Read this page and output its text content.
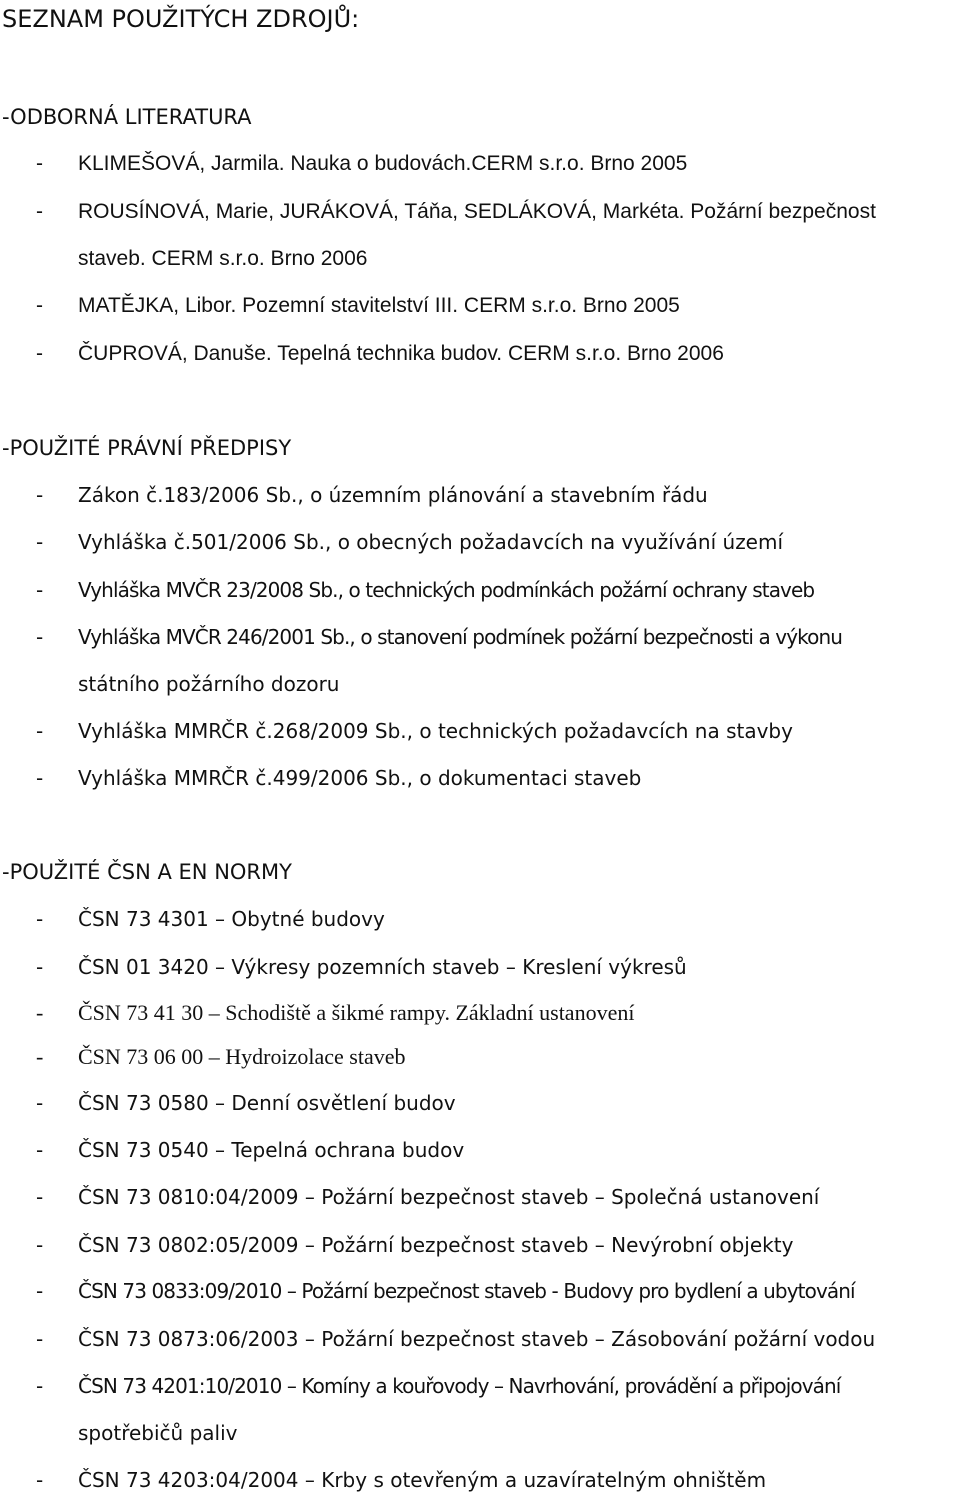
SEZNAM POUŽITÝCH ZDROJŮ:
-ODBORNÁ LITERATURA
- KLIMEŠOVÁ, Jarmila. Nauka o budovách.CERM s.r.o. Brno 2005
- ROUSÍNOVÁ, Marie, JURÁKOVÁ, Táňa, SEDLÁKOVÁ, Markéta. Požární bezpečnost
staveb. CERM s.r.o. Brno 2006
- MATĚJKA, Libor. Pozemní stavitelství III. CERM s.r.o. Brno 2005
- ČUPROVÁ, Danuše. Tepelná technika budov. CERM s.r.o. Brno 2006
-POUŽITÉ PRÁVNÍ PŘEDPISY
- Zákon č.183/2006 Sb., o územním plánování a stavebním řádu
- Vyhláška č.501/2006 Sb., o obecných požadavcích na využívání území
- Vyhláška MVČR 23/2008 Sb., o technických podmínkách požární ochrany staveb
- Vyhláška MVČR 246/2001 Sb., o stanovení podmínek požární bezpečnosti a výkonu
státního požárního dozoru
- Vyhláška MMRČR č.268/2009 Sb., o technických požadavcích na stavby
- Vyhláška MMRČR č.499/2006 Sb., o dokumentaci staveb
-POUŽITÉ ČSN A EN NORMY
- ČSN 73 4301 – Obytné budovy
- ČSN 01 3420 – Výkresy pozemních staveb – Kreslení výkresů
- ČSN 73 41 30 – Schodiště a šikmé rampy. Základní ustanovení
- ČSN 73 06 00 – Hydroizolace staveb
- ČSN 73 0580 – Denní osvětlení budov
- ČSN 73 0540 – Tepelná ochrana budov
- ČSN 73 0810:04/2009 – Požární bezpečnost staveb – Společná ustanovení
- ČSN 73 0802:05/2009 – Požární bezpečnost staveb – Nevýrobní objekty
- ČSN 73 0833:09/2010 – Požární bezpečnost staveb - Budovy pro bydlení a ubytování
- ČSN 73 0873:06/2003 – Požární bezpečnost staveb – Zásobování požární vodou
- ČSN 73 4201:10/2010 – Komíny a kouřovody – Navrhování, provádění a připojování
spotřebičů paliv
- ČSN 73 4203:04/2004 – Krby s otevřeným a uzavíratelným ohništěm
